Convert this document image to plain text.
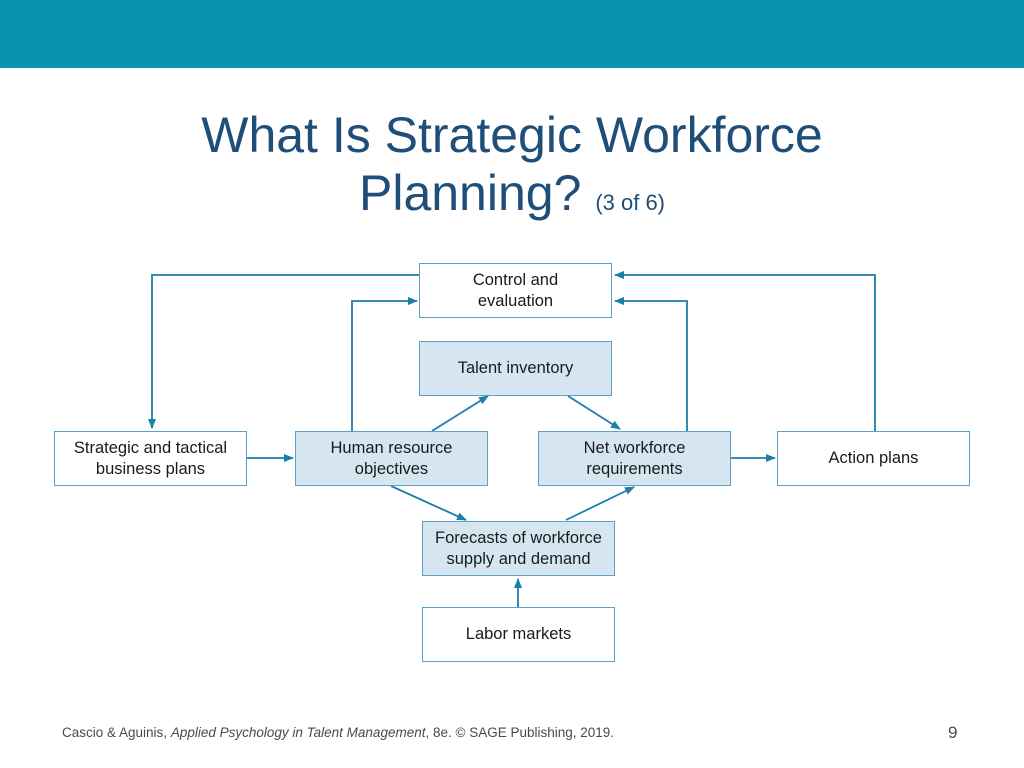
What Is Strategic Workforce Planning? (3 of 6)
Control and
evaluation
Talent inventory
Strategic and tactical
business plans
Human resource
objectives
Net workforce
requirements
Action plans
Forecasts of workforce
supply and demand
Labor markets
Cascio & Aguinis, Applied Psychology in Talent Management, 8e. © SAGE Publishing, 2019.	9
